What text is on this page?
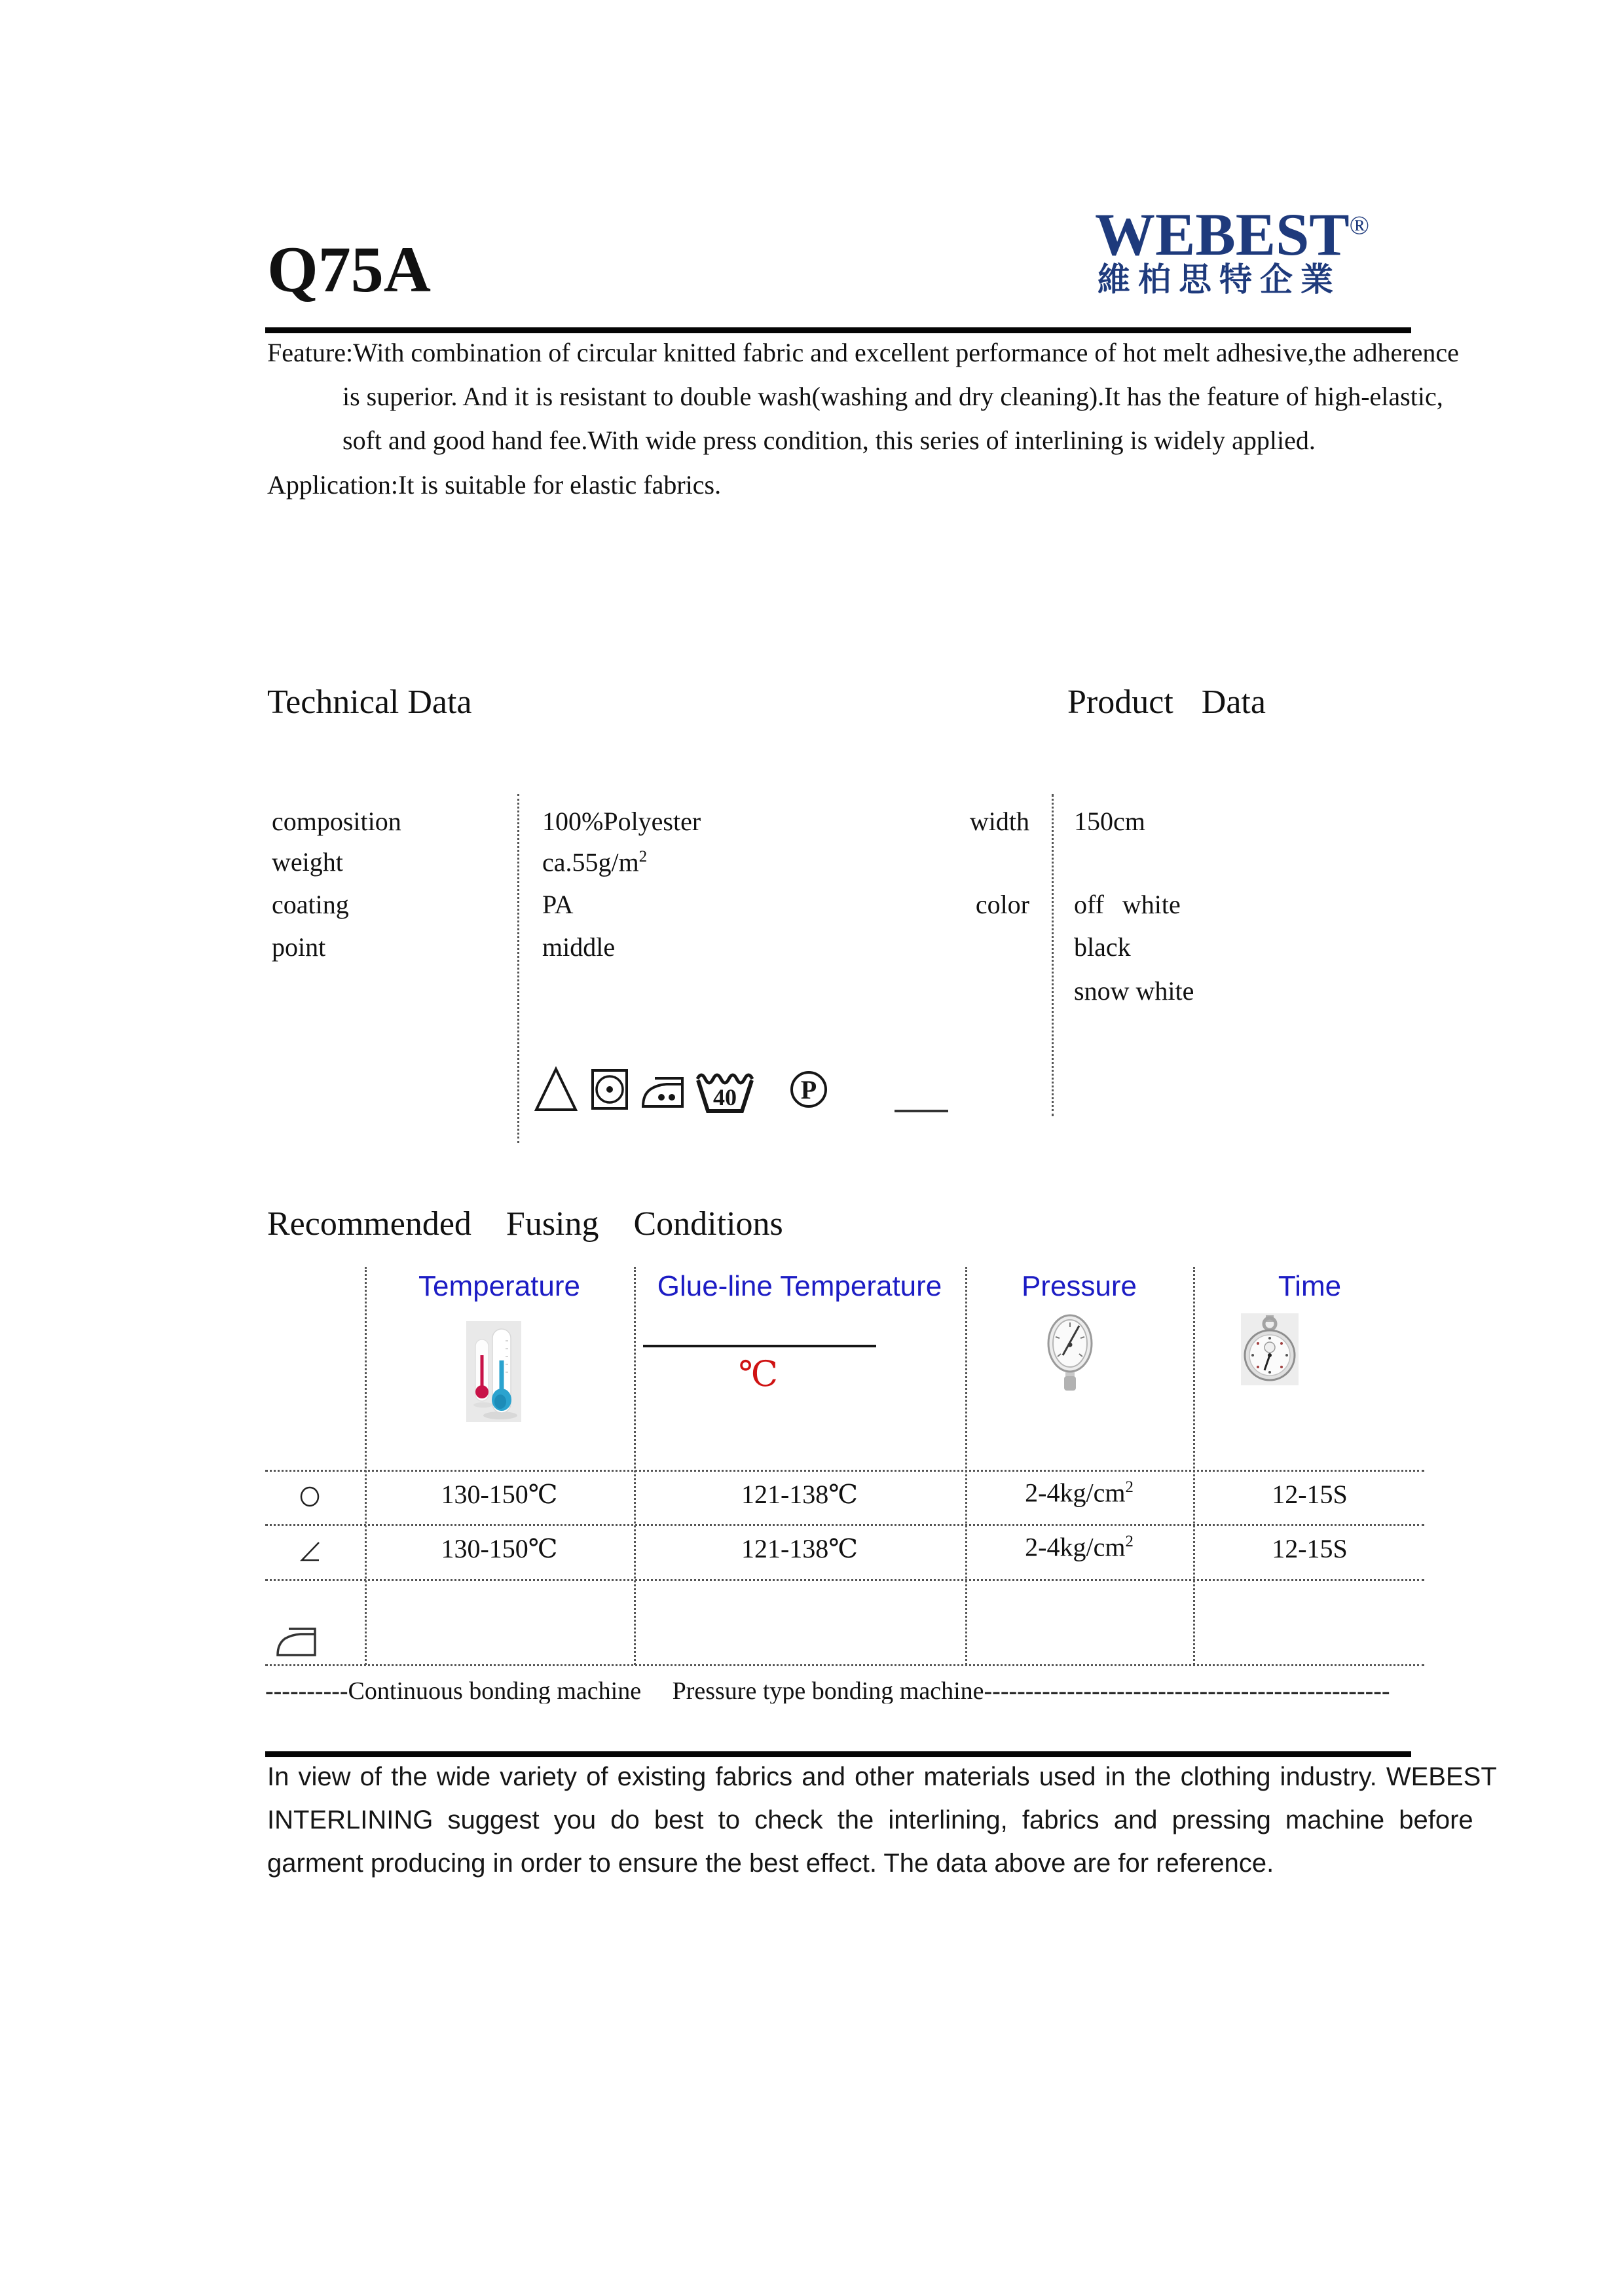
Q75A	WEBEST®
維柏思特企業
Feature:With combination of circular knitted fabric and excellent performance of hot melt adhesive,the adherence
is superior. And it is resistant to double wash(washing and dry cleaning).It has the feature of high-elastic,
soft and good hand fee.With wide press condition, this series of interlining is widely applied.
Application:It is suitable for elastic fabrics.
Technical Data	Product Data
composition	100%Polyester
weight	$ca.55g/m^2$
coating	PA
point	middle
width 150cm
color off white
black
snow white
40 P
Recommended Fusing Conditions
Temperature	Glue-line Temperature	Pressure	Time
℃
130-150℃	121-138℃	$2-4kg/cm^2$	12-15S
130-150℃	121-138℃	$2-4kg/cm^2$	12-15S
----------Continuous bonding machine     Pressure type bonding machine-------------------------------------------------
In view of the wide variety of existing fabrics and other materials used in the clothing industry. WEBEST
INTERLINING suggest you do best to check the interlining, fabrics and pressing machine before
garment producing in order to ensure the best effect. The data above are for reference.
